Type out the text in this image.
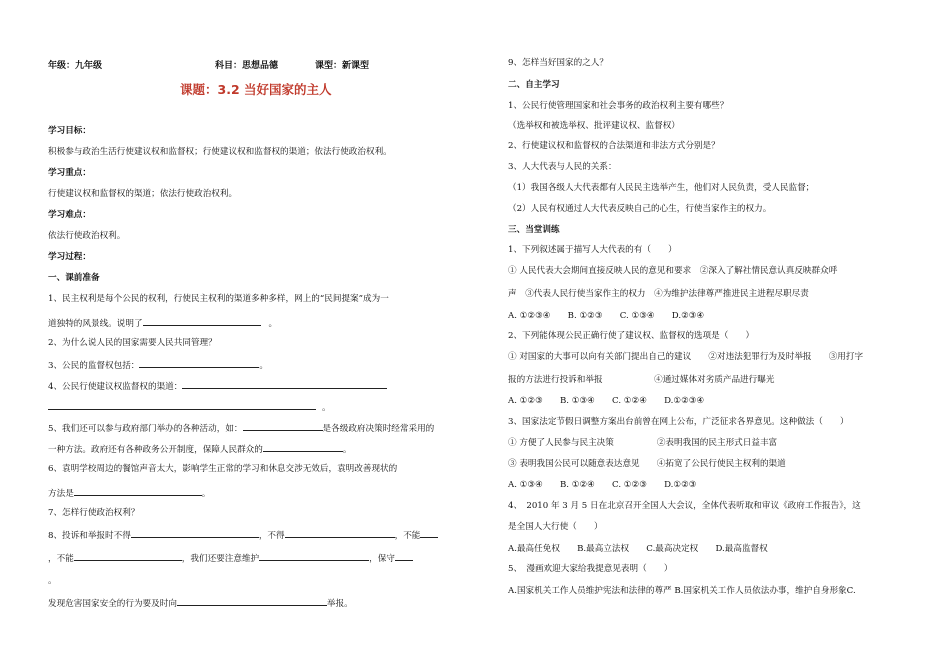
年级：九年级	科目：思想品德	课型：新课型
课题：3.2 当好国家的主人
学习目标：
积极参与政治生活行使建议权和监督权；行使建议权和监督权的渠道；依法行使政治权利。
学习重点：
行使建议权和监督权的渠道；依法行使政治权利。
学习难点：
依法行使政治权利。
学习过程：
一、课前准备
1、民主权利是每个公民的权利，行使民主权利的渠道多种多样，网上的“民间提案”成为一
道独特的风景线。说明了	。
2、为什么说人民的国家需要人民共同管理？
3、公民的监督权包括：	。
4、公民行使建议权监督权的渠道：
。
5、我们还可以参与政府部门举办的各种活动，如：	是各级政府决策时经常采用的
一种方法。政府还有各种政务公开制度，保障人民群众的	。
6、袁明学校周边的餐馆声音太大，影响学生正常的学习和休息交涉无效后，袁明改善现状的
方法是	。
7、怎样行使政治权利？
8、投诉和举报时不得	，不得	，不能
，不能	，我们还要注意维护	，保守
。
发现危害国家安全的行为要及时向	举报。
9、怎样当好国家的之人？
二、自主学习
1、公民行使管理国家和社会事务的政治权利主要有哪些？
（选举权和被选举权、批评建议权、监督权）
2、行使建议权和监督权的合法渠道和非法方式分别是？
3、人大代表与人民的关系：
（1）我国各级人大代表都有人民民主选举产生，他们对人民负责，受人民监督；
（2）人民有权通过人大代表反映自己的心生，行使当家作主的权力。
三、当堂训练
1、下列叙述属于描写人大代表的有（　　）
① 人民代表大会期间直接反映人民的意见和要求　②深入了解社情民意认真反映群众呼
声　③代表人民行使当家作主的权力　④为维护法律尊严推进民主进程尽职尽责
A. ①②③④　　B. ①②③　　C. ①③④　　D.②③④
2、下列能体现公民正确行使了建议权、监督权的选项是（　　）
① 对国家的大事可以向有关部门提出自己的建议　　②对违法犯罪行为及时举报　　③用打字
报的方法进行投诉和举报　　　　　　④通过媒体对劣质产品进行曝光
A. ①②③　　B. ①③④　　C. ①②④　　D.①②③④
3、国家法定节假日调整方案出台前曾在网上公布，广泛征求各界意见。这种做法（　　）
① 方便了人民参与民主决策　　　　　②表明我国的民主形式日益丰富
③ 表明我国公民可以随意表达意见　　④拓宽了公民行使民主权利的渠道
A. ①③④　　B. ①②④　　C. ①②③　　D.①②③
4、　2010 年 3 月 5 日在北京召开全国人大会议，全体代表听取和审议《政府工作报告》，这
是全国人大行使（　　）
A.最高任免权　　B.最高立法权　　C.最高决定权　　D.最高监督权
5、　漫画欢迎大家给我提意见表明（　　）
A.国家机关工作人员维护宪法和法律的尊严 B.国家机关工作人员依法办事，维护自身形象C.
